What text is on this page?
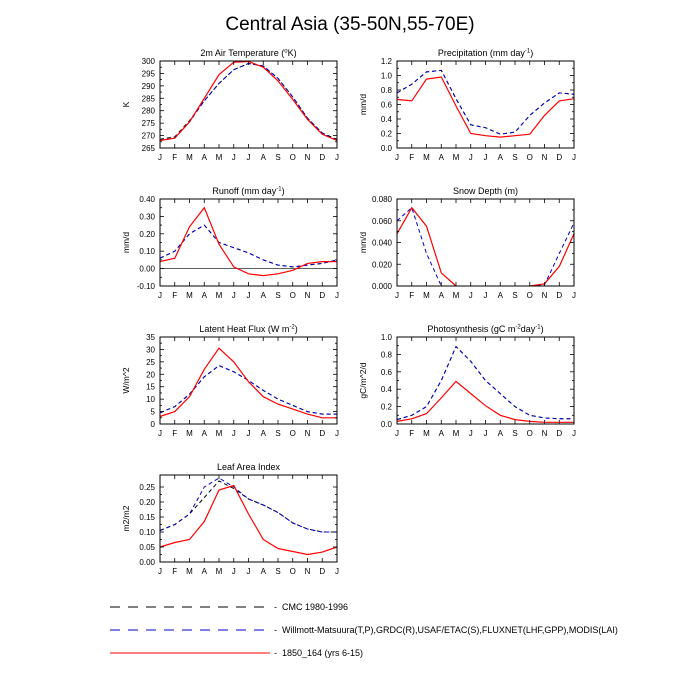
Central Asia (35-50N,55-70E)
2m Air Temperature ($^o$K)
J F M A M J J A S O N D J
265
270
275
280
285
290
295
300
K
Precipitation (mm day$^{-1}$)
J F M A M J J A S O N D J
0.0
0.2
0.4
0.6
0.8
1.0
1.2
mm/d
Runoff (mm day$^{-1}$)
J F M A M J J A S O N D J
-0.10
0.00
0.10
0.20
0.30
0.40
mm/d
Snow Depth (m)
J F M A M J J A S O N D J
0.000
0.020
0.040
0.060
0.080
mm/d
Latent Heat Flux (W $m^{-2}$)
J F M A M J J A S O N D J
0
5
10
15
20
25
30
35
W/m^2
Photosynthesis (gC $m^{-2}day^{-1}$)
J F M A M J J A S O N D J
0.0
0.2
0.4
0.6
0.8
1.0
gC/m^2/d
Leaf Area Index
J F M A M J J A S O N D J
0.00
0.05
0.10
0.15
0.20
0.25
m2/m2
- CMC 1980-1996
- Willmott-Matsuura(T,P),GRDC(R),USAF/ETAC(S),FLUXNET(LHF,GPP),MODIS(LAI)
- 1850_164 (yrs 6-15)
